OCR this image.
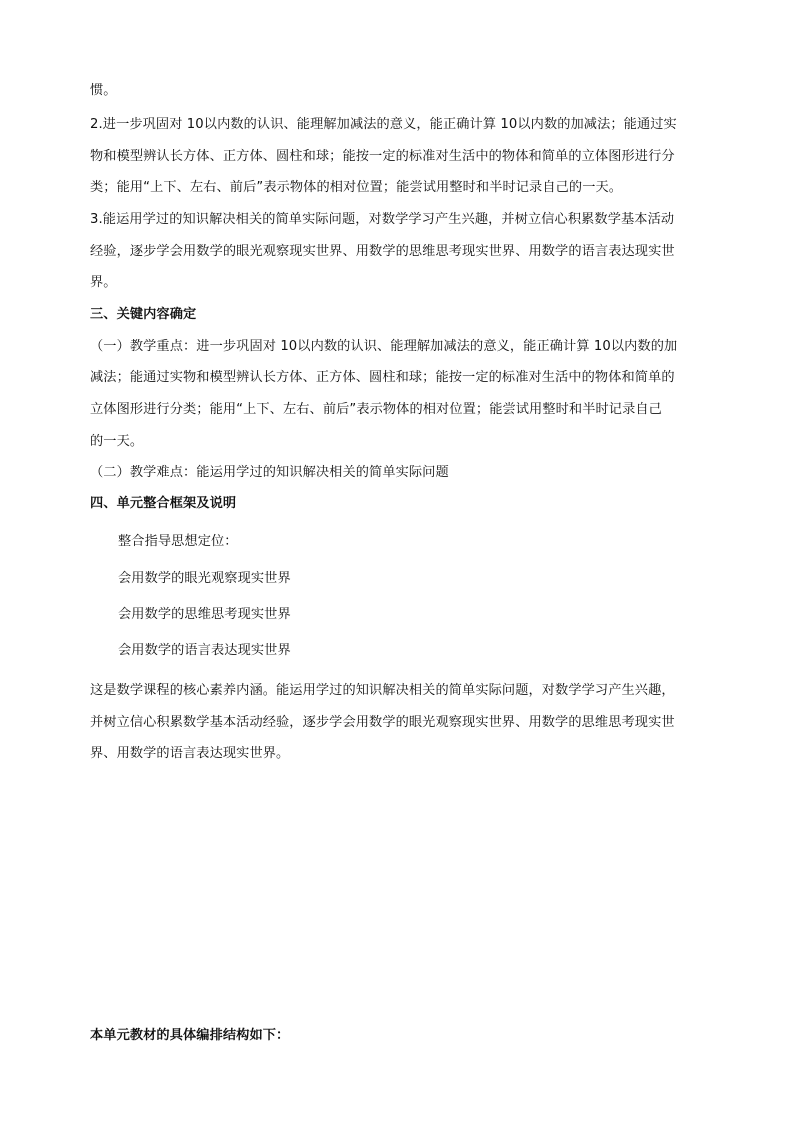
惯。
2.进一步巩固对 10以内数的认识、能理解加减法的意义，能正确计算 10以内数的加减法；能通过实
物和模型辨认长方体、正方体、圆柱和球；能按一定的标准对生活中的物体和简单的立体图形进行分
类；能用“上下、左右、前后”表示物体的相对位置；能尝试用整时和半时记录自己的一天。
3.能运用学过的知识解决相关的简单实际问题，对数学学习产生兴趣，并树立信心积累数学基本活动
经验，逐步学会用数学的眼光观察现实世界、用数学的思维思考现实世界、用数学的语言表达现实世
界。
三、关键内容确定
（一）教学重点：进一步巩固对 10以内数的认识、能理解加减法的意义，能正确计算 10以内数的加
减法；能通过实物和模型辨认长方体、正方体、圆柱和球；能按一定的标准对生活中的物体和简单的
立体图形进行分类；能用“上下、左右、前后”表示物体的相对位置；能尝试用整时和半时记录自己
的一天。
（二）教学难点：能运用学过的知识解决相关的简单实际问题
四、单元整合框架及说明
整合指导思想定位：
会用数学的眼光观察现实世界
会用数学的思维思考现实世界
会用数学的语言表达现实世界
这是数学课程的核心素养内涵。能运用学过的知识解决相关的简单实际问题，对数学学习产生兴趣，
并树立信心积累数学基本活动经验，逐步学会用数学的眼光观察现实世界、用数学的思维思考现实世
界、用数学的语言表达现实世界。
本单元教材的具体编排结构如下：
